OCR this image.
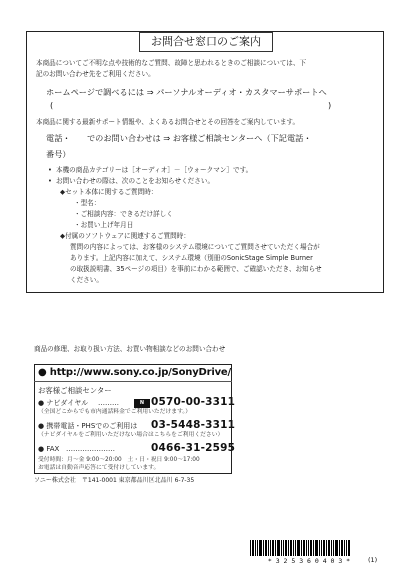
お問合せ窓口のご案内
本商品についてご不明な点や技術的なご質問、故障と思われるときのご相談については、下
記のお問い合わせ先をご利用ください。
ホームページで調べるには ⇒ パーソナルオーディオ・カスタマーサポートへ
(	)
本商品に関する最新サポート情報や、よくあるお問合せとその回答をご案内しています。
電話・　　でのお問い合わせは ⇒ お客様ご相談センターへ（下記電話・
番号）
• 本機の商品カテゴリーは［オーディオ］－［ウォークマン］です。
• お問い合わせの際は、次のことをお知らせください。
◆セット本体に関するご質問時：
・型名：
・ご相談内容：できるだけ詳しく
・お買い上げ年月日
◆付属のソフトウェアに関連するご質問時：
質問の内容によっては、お客様のシステム環境についてご質問させていただく場合が
あります。上記内容に加えて、システム環境（別冊のSonicStage Simple Burner
の取扱説明書、35ページの項目）を事前にわかる範囲で、ご確認いただき、お知らせ
ください。
商品の修理、お取り扱い方法、お買い物相談などのお問い合わせ
● http://www.sony.co.jp/SonyDrive/
お客様ご相談センター
● ナビダイヤル ………	N 0570-00-3311
（全国どこからでも市内通話料金でご利用いただけます。）
● 携帯電話・PHSでのご利用は 03-5448-3311
（ナビダイヤルをご利用いただけない場合はこちらをご利用ください）
● FAX …………………	0466-31-2595
受付時間：月～金 9:00～20:00　土・日・祝日 9:00～17:00
お電話は自動音声応答にて受付けしています。
ソニー株式会社　〒141-0001 東京都品川区北品川 6-7-35
* 3 2 5 3 6 0 4 0 3 *	(1)
